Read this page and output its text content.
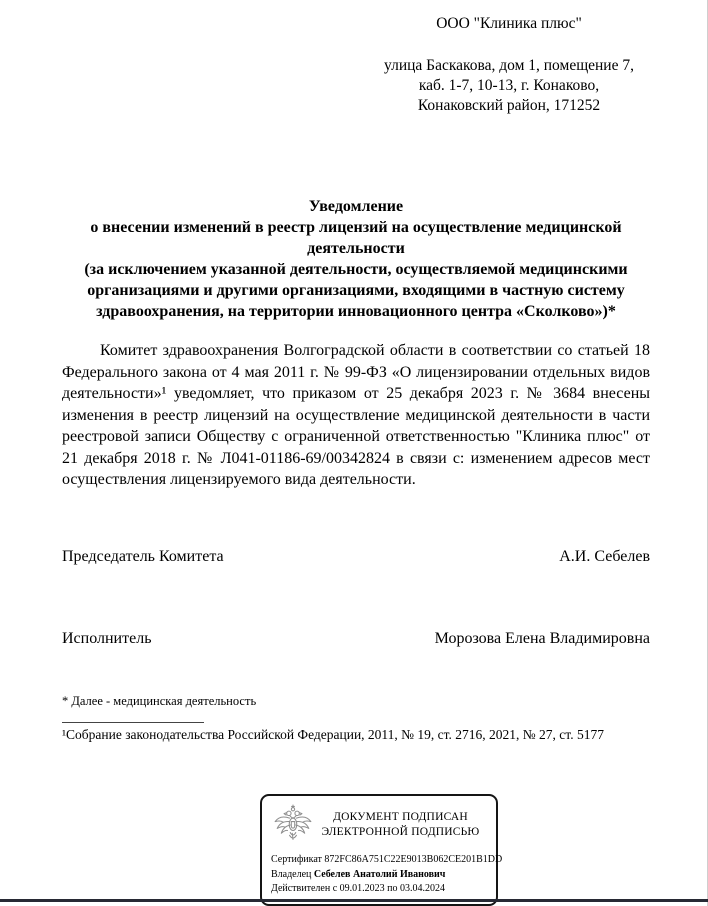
ООО "Клиника плюс"
улица Баскакова, дом 1, помещение 7,
каб. 1-7, 10-13, г. Конаково,
Конаковский район, 171252
Уведомление
о внесении изменений в реестр лицензий на осуществление медицинской деятельности
(за исключением указанной деятельности, осуществляемой медицинскими организациями и другими организациями, входящими в частную систему здравоохранения, на территории инновационного центра «Сколково»)*

Комитет здравоохранения Волгоградской области в соответствии со статьей 18 Федерального закона от 4 мая 2011 г. № 99-ФЗ «О лицензировании отдельных видов деятельности»¹ уведомляет, что приказом от 25 декабря 2023 г. № 3684 внесены изменения в реестр лицензий на осуществление медицинской деятельности в части реестровой записи Обществу с ограниченной ответственностью "Клиника плюс" от 21 декабря 2018 г. № Л041-01186-69/00342824 в связи с: изменением адресов мест осуществления лицензируемого вида деятельности.

Председатель Комитета	А.И. Себелев
Исполнитель	Морозова Елена Владимировна
* Далее - медицинская деятельность
¹Собрание законодательства Российской Федерации, 2011, № 19, ст. 2716, 2021, № 27, ст. 5177
ДОКУМЕНТ ПОДПИСАН
ЭЛЕКТРОННОЙ ПОДПИСЬЮ
Сертификат 872FC86A751C22E9013B062CE201B1DD
Владелец Себелев Анатолий Иванович
Действителен с 09.01.2023 по 03.04.2024
